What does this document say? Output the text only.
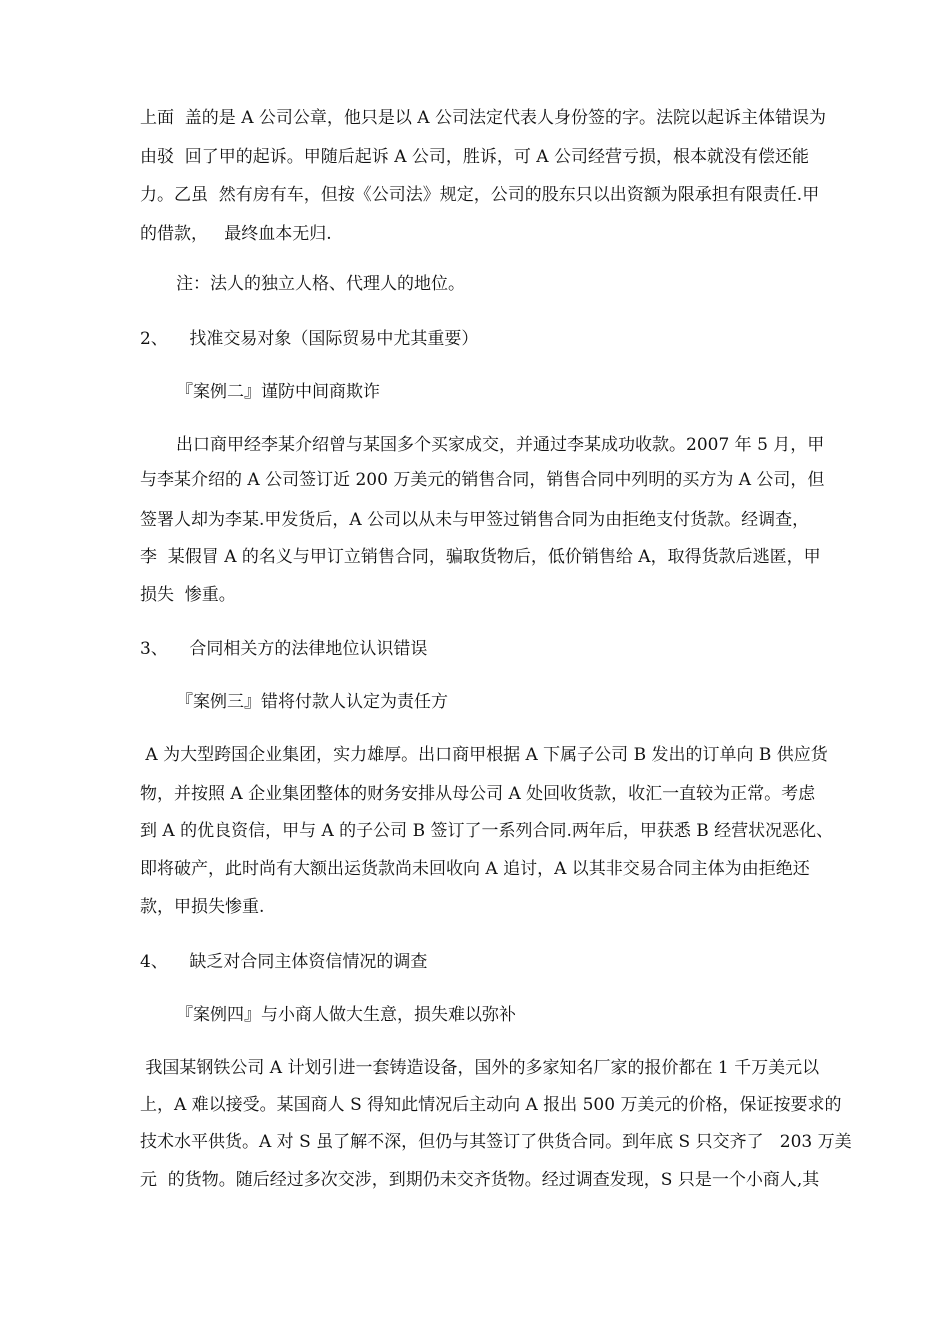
上面  盖的是 A 公司公章，他只是以 A 公司法定代表人身份签的字。法院以起诉主体错误为
由驳  回了甲的起诉。甲随后起诉 A 公司，胜诉，可 A 公司经营亏损，根本就没有偿还能
力。乙虽  然有房有车，但按《公司法》规定，公司的股东只以出资额为限承担有限责任.甲
的借款，   最终血本无归.
注：法人的独立人格、代理人的地位。
2、    找准交易对象（国际贸易中尤其重要）
『案例二』谨防中间商欺诈
出口商甲经李某介绍曾与某国多个买家成交，并通过李某成功收款。2007 年 5 月，甲
与李某介绍的 A 公司签订近 200 万美元的销售合同，销售合同中列明的买方为 A 公司，但
签署人却为李某.甲发货后，A 公司以从未与甲签过销售合同为由拒绝支付货款。经调查，
李  某假冒 A 的名义与甲订立销售合同，骗取货物后，低价销售给 A，取得货款后逃匿，甲
损失  惨重。
3、    合同相关方的法律地位认识错误
『案例三』错将付款人认定为责任方
A 为大型跨国企业集团，实力雄厚。出口商甲根据 A 下属子公司 B 发出的订单向 B 供应货
物，并按照 A 企业集团整体的财务安排从母公司 A 处回收货款，收汇一直较为正常。考虑
到 A 的优良资信，甲与 A 的子公司 B 签订了一系列合同.两年后，甲获悉 B 经营状况恶化、
即将破产，此时尚有大额出运货款尚未回收向 A 追讨，A 以其非交易合同主体为由拒绝还
款，甲损失惨重.
4、    缺乏对合同主体资信情况的调查
『案例四』与小商人做大生意，损失难以弥补
我国某钢铁公司 A 计划引进一套铸造设备，国外的多家知名厂家的报价都在 1 千万美元以
上，A 难以接受。某国商人 S 得知此情况后主动向 A 报出 500 万美元的价格，保证按要求的
技术水平供货。A 对 S 虽了解不深，但仍与其签订了供货合同。到年底 S 只交齐了   203 万美
元  的货物。随后经过多次交涉，到期仍未交齐货物。经过调查发现，S 只是一个小商人,其
